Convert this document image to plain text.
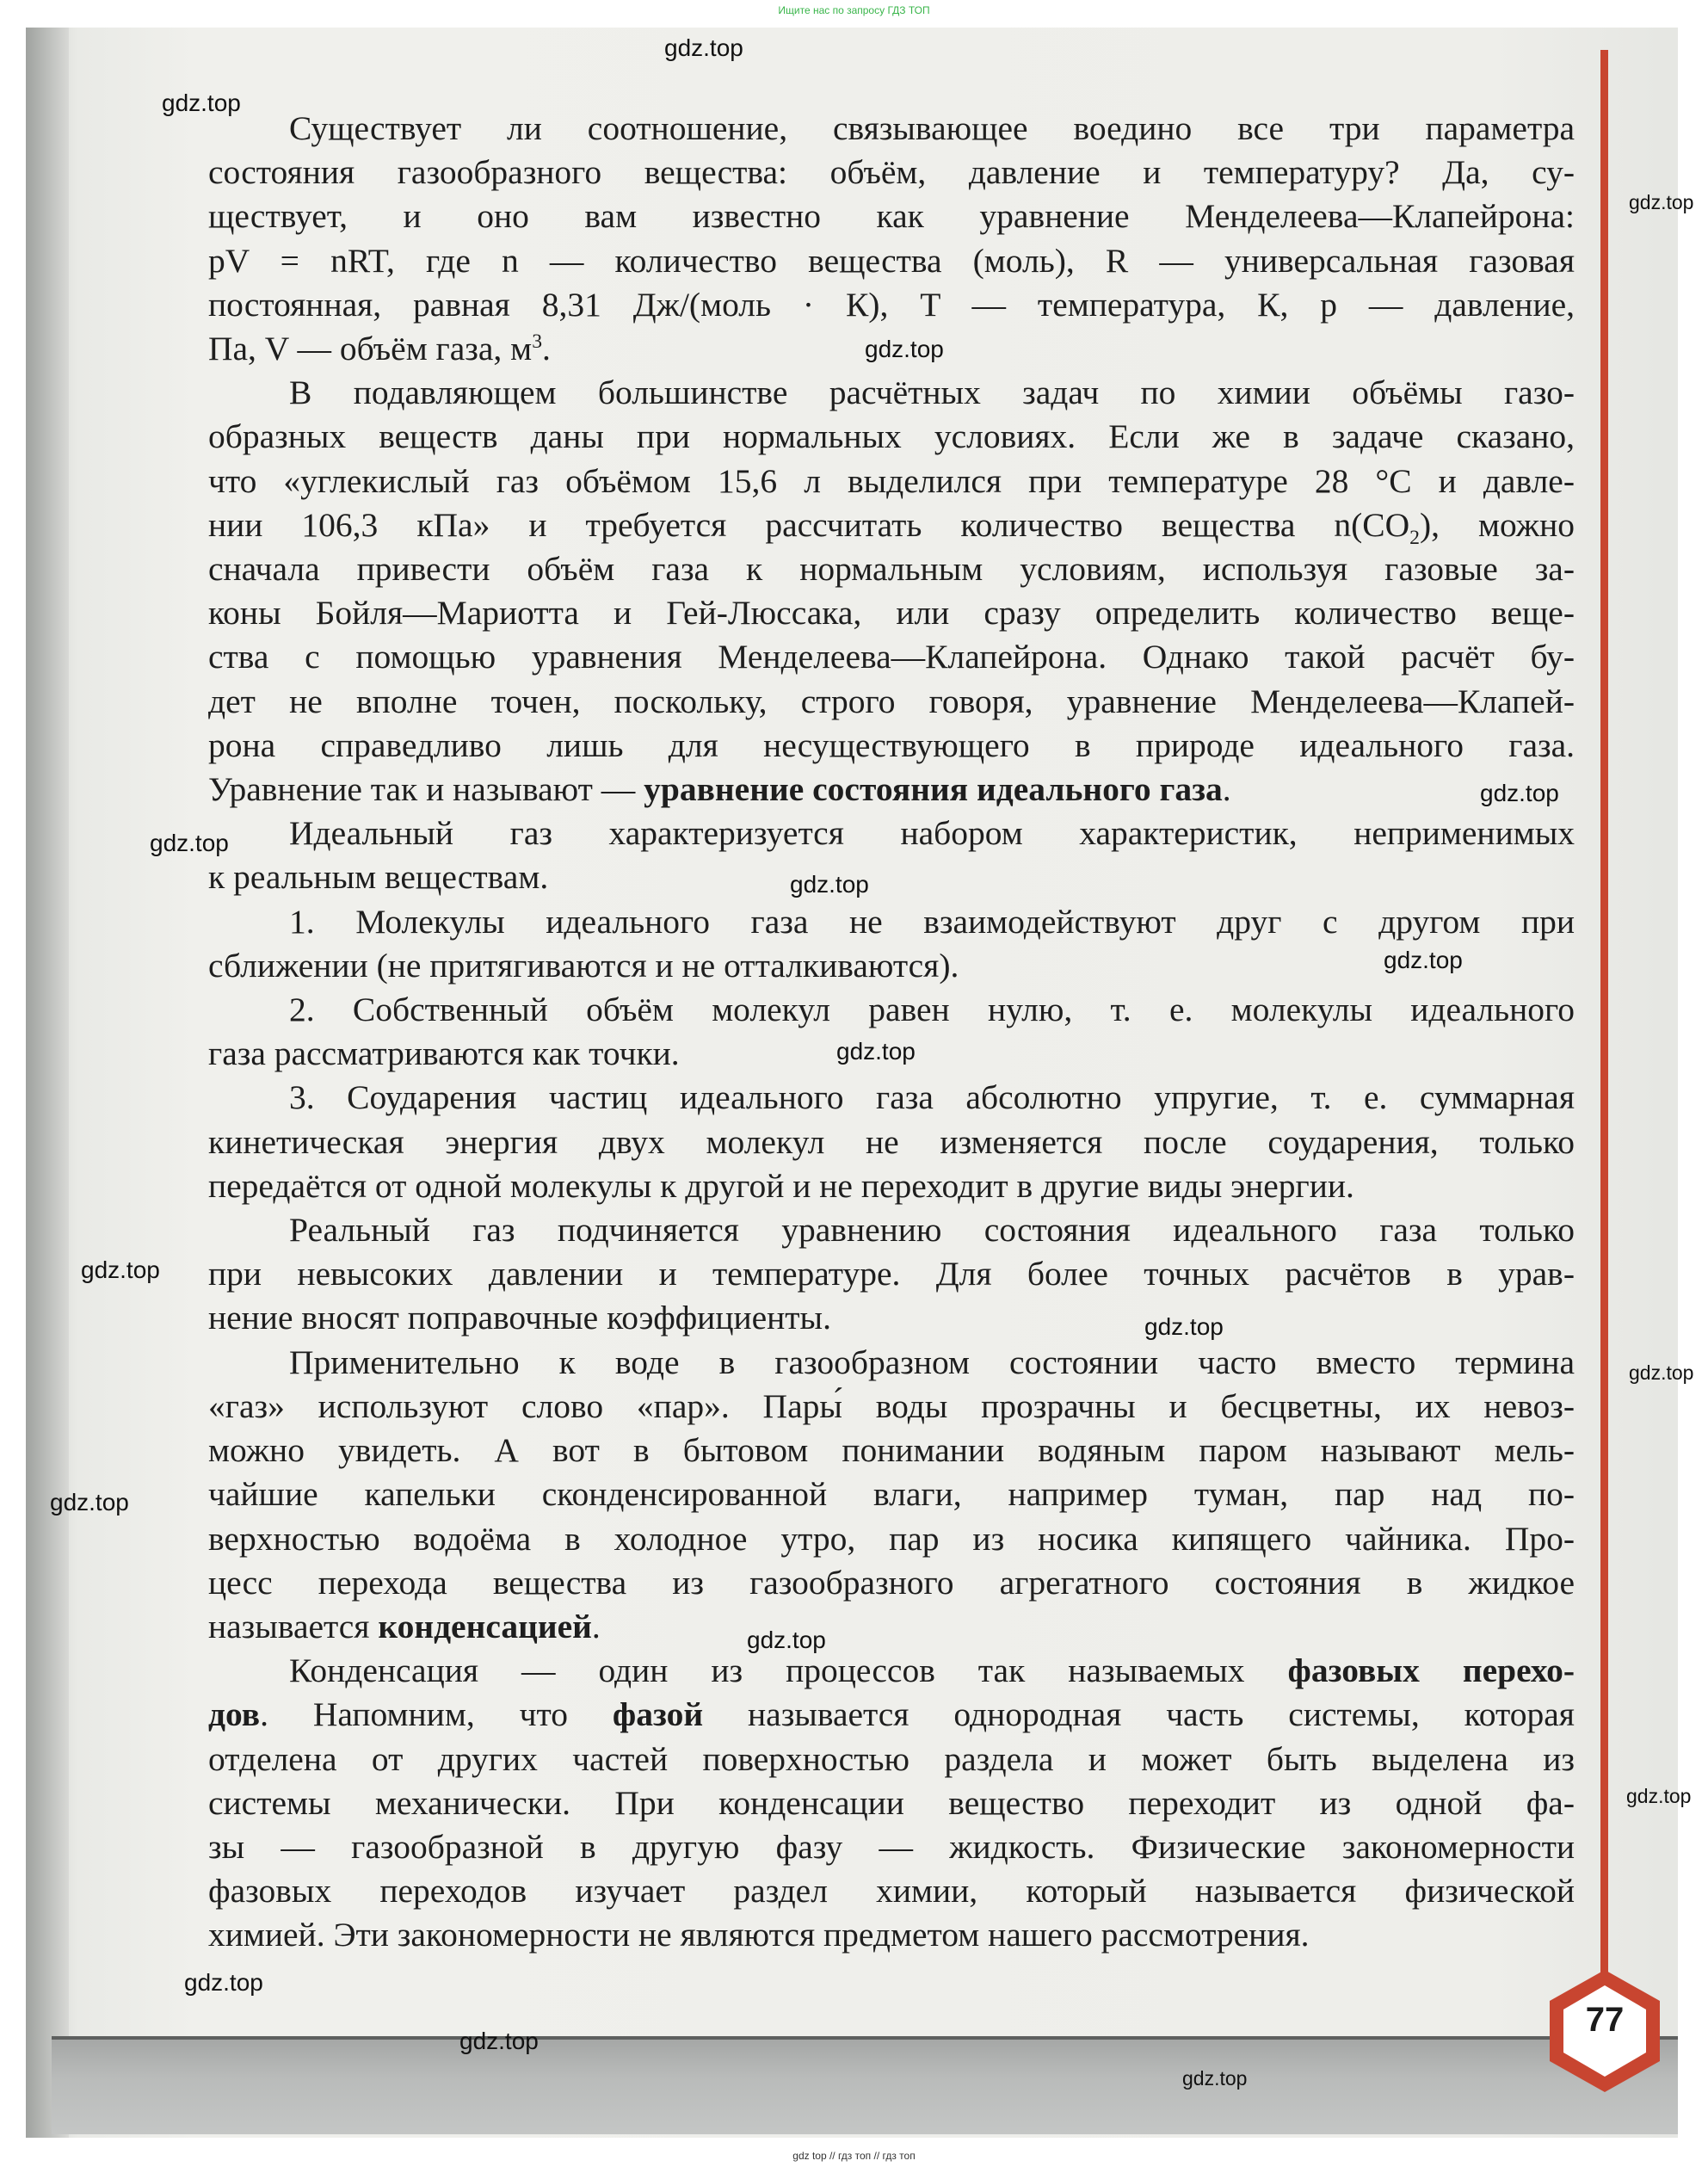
Ищите нас по запросу ГДЗ ТОП
77
Существует ли соотношение, связывающее воедино все три параметра
состояния газообразного вещества: объём, давление и температуру? Да, су-
ществует, и оно вам известно как уравнение Менделеева—Клапейрона:
pV = nRT, где n — количество вещества (моль), R — универсальная газовая
постоянная, равная 8,31 Дж/(моль · К), T — температура, К, p — давление,
Па, V — объём газа, $м^3$.
В подавляющем большинстве расчётных задач по химии объёмы газо-
образных веществ даны при нормальных условиях. Если же в задаче сказано,
что «углекислый газ объёмом 15,6 л выделился при температуре 28 °С и давле-
нии 106,3 кПа» и требуется рассчитать количество вещества $n(CO_2)$, можно
сначала привести объём газа к нормальным условиям, используя газовые за-
коны Бойля—Мариотта и Гей-Люссака, или сразу определить количество веще-
ства с помощью уравнения Менделеева—Клапейрона. Однако такой расчёт бу-
дет не вполне точен, поскольку, строго говоря, уравнение Менделеева—Клапей-
рона справедливо лишь для несуществующего в природе идеального газа.
Уравнение так и называют — уравнение состояния идеального газа.
Идеальный газ характеризуется набором характеристик, неприменимых
к реальным веществам.
1. Молекулы идеального газа не взаимодействуют друг с другом при
сближении (не притягиваются и не отталкиваются).
2. Собственный объём молекул равен нулю, т. е. молекулы идеального
газа рассматриваются как точки.
3. Соударения частиц идеального газа абсолютно упругие, т. е. суммарная
кинетическая энергия двух молекул не изменяется после соударения, только
передаётся от одной молекулы к другой и не переходит в другие виды энергии.
Реальный газ подчиняется уравнению состояния идеального газа только
при невысоких давлении и температуре. Для более точных расчётов в урав-
нение вносят поправочные коэффициенты.
Применительно к воде в газообразном состоянии часто вместо термина
«газ» используют слово «пар». Пары́ воды прозрачны и бесцветны, их невоз-
можно увидеть. А вот в бытовом понимании водяным паром называют мель-
чайшие капельки сконденсированной влаги, например туман, пар над по-
верхностью водоёма в холодное утро, пар из носика кипящего чайника. Про-
цесс перехода вещества из газообразного агрегатного состояния в жидкое
называется конденсацией.
Конденсация — один из процессов так называемых фазовых перехо-
дов. Напомним, что фазой называется однородная часть системы, которая
отделена от других частей поверхностью раздела и может быть выделена из
системы механически. При конденсации вещество переходит из одной фа-
зы — газообразной в другую фазу — жидкость. Физические закономерности
фазовых переходов изучает раздел химии, который называется физической
химией. Эти закономерности не являются предметом нашего рассмотрения.
gdz.top
gdz.top
gdz.top
gdz.top
gdz.top
gdz.top
gdz.top
gdz.top
gdz.top
gdz.top
gdz.top
gdz.top
gdz.top
gdz.top
gdz.top
gdz.top
gdz.top
gdz.top
gdz top // гдз топ // гдз топ
